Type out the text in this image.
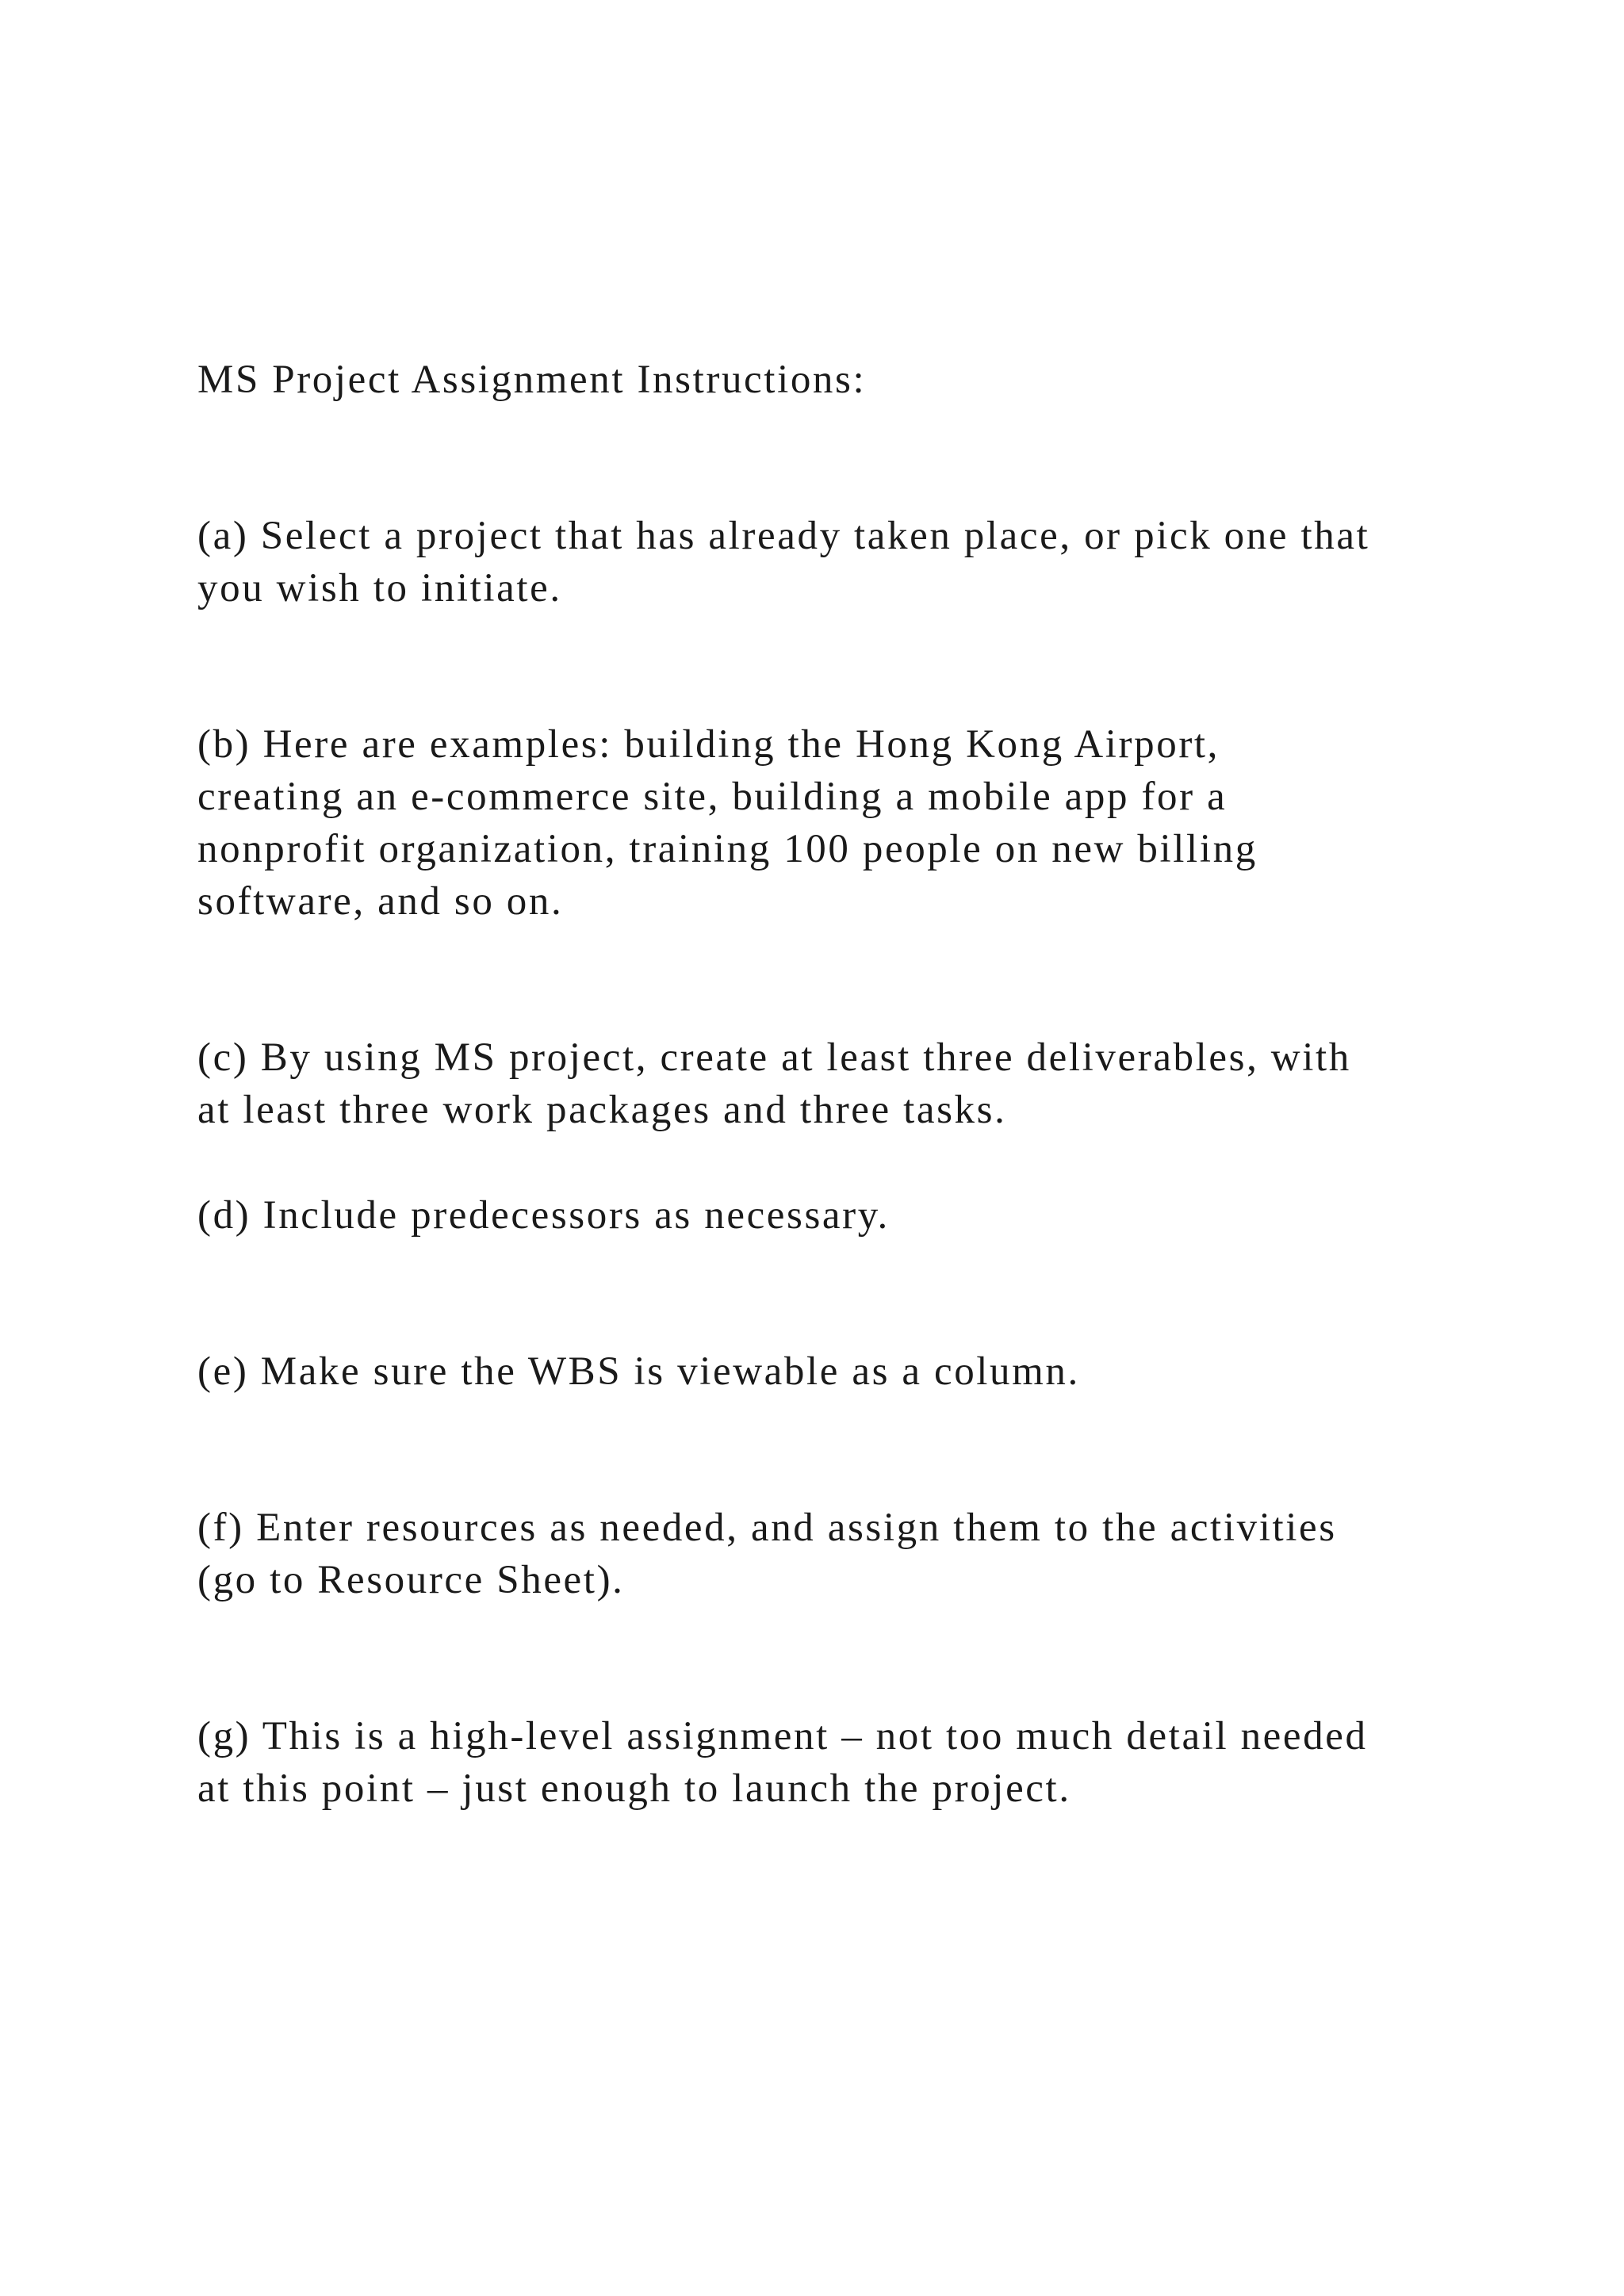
MS Project Assignment Instructions:

(a) Select a project that has already taken place, or pick one that

you wish to initiate.

(b) Here are examples: building the Hong Kong Airport,

creating an e-commerce site, building a mobile app for a

nonprofit organization, training 100 people on new billing

software, and so on.

(c) By using MS project, create at least three deliverables, with

at least three work packages and three tasks.

(d) Include predecessors as necessary.

(e) Make sure the WBS is viewable as a column.

(f) Enter resources as needed, and assign them to the activities

(go to Resource Sheet).

(g) This is a high-level assignment – not too much detail needed

at this point – just enough to launch the project.
